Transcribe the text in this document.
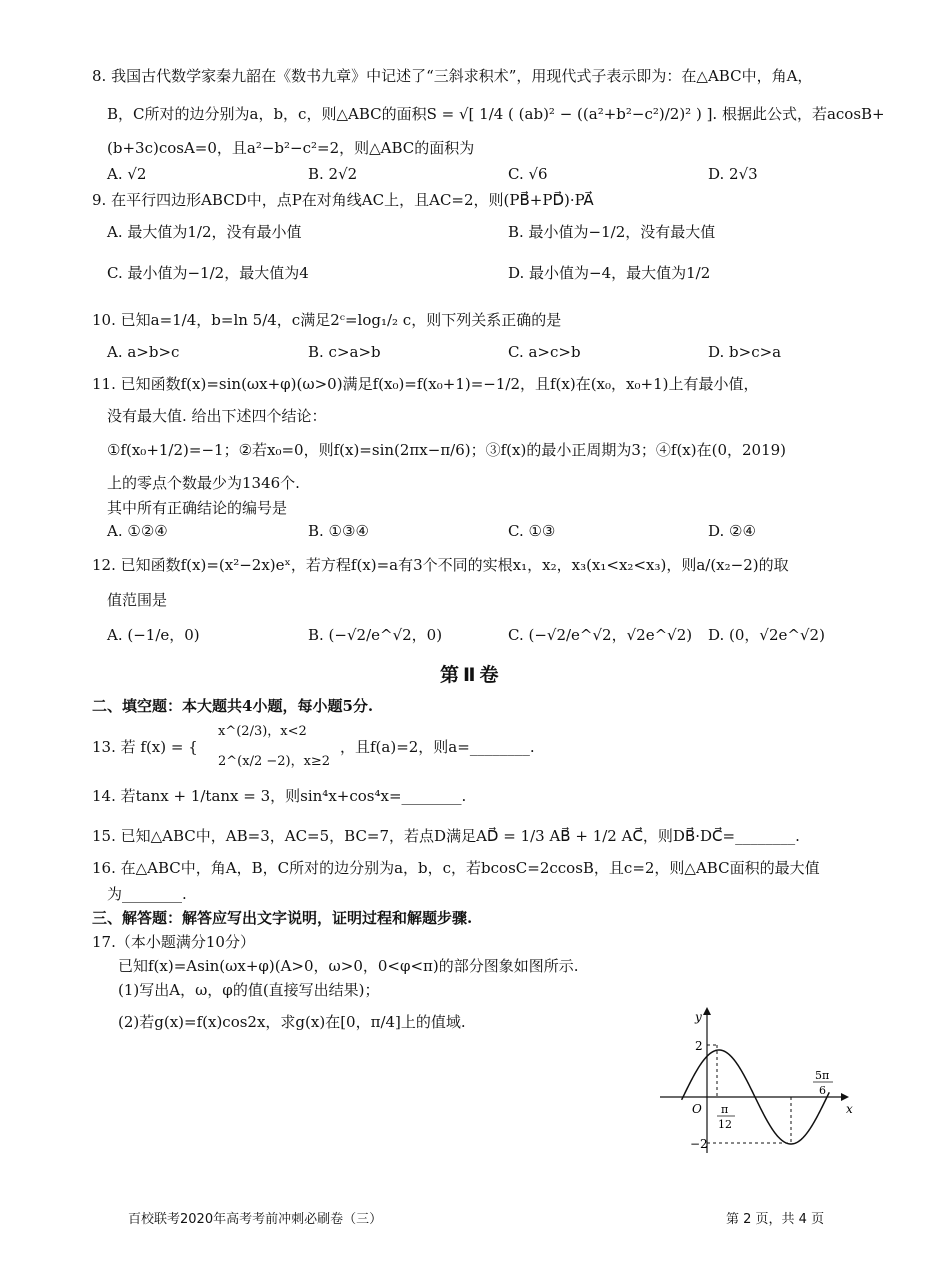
8. 我国古代数学家秦九韶在《数书九章》中记述了“三斜求积术”，用现代式子表示即为：在△ABC中，角A，
B，C所对的边分别为a，b，c，则△ABC的面积S = √[ 1/4 ( (ab)² − ((a²+b²−c²)/2)² ) ]. 根据此公式，若acosB+
(b+3c)cosA=0，且a²−b²−c²=2，则△ABC的面积为
A. √2	B. 2√2	C. √6	D. 2√3
9. 在平行四边形ABCD中，点P在对角线AC上，且AC=2，则(PB⃗+PD⃗)·PA⃗
A. 最大值为1/2，没有最小值	B. 最小值为−1/2，没有最大值
C. 最小值为−1/2，最大值为4	D. 最小值为−4，最大值为1/2
10. 已知a=1/4，b=ln 5/4，c满足2ᶜ=log₁/₂ c，则下列关系正确的是
A. a>b>c	B. c>a>b	C. a>c>b	D. b>c>a
11. 已知函数f(x)=sin(ωx+φ)(ω>0)满足f(x₀)=f(x₀+1)=−1/2，且f(x)在(x₀，x₀+1)上有最小值，
没有最大值. 给出下述四个结论：
①f(x₀+1/2)=−1；②若x₀=0，则f(x)=sin(2πx−π/6)；③f(x)的最小正周期为3；④f(x)在(0，2019)
上的零点个数最少为1346个.
其中所有正确结论的编号是
A. ①②④	B. ①③④	C. ①③	D. ②④
12. 已知函数f(x)=(x²−2x)eˣ，若方程f(x)=a有3个不同的实根x₁，x₂，x₃(x₁<x₂<x₃)，则a/(x₂−2)的取
值范围是
A. (−1/e，0)	B. (−√2/e^√2，0)	C. (−√2/e^√2，√2e^√2) D. (0，√2e^√2)
第Ⅱ卷
二、填空题：本大题共4小题，每小题5分.
13. 若 f(x) = {
x^(2/3)，x<2
2^(x/2 −2)，x≥2
，且f(a)=2，则a=________.
14. 若tanx + 1/tanx = 3，则sin⁴x+cos⁴x=________.
15. 已知△ABC中，AB=3，AC=5，BC=7，若点D满足AD⃗ = 1/3 AB⃗ + 1/2 AC⃗，则DB⃗·DC⃗=________.
16. 在△ABC中，角A，B，C所对的边分别为a，b，c，若bcosC=2ccosB，且c=2，则△ABC面积的最大值
为________.
三、解答题：解答应写出文字说明，证明过程和解题步骤.
17.（本小题满分10分）
已知f(x)=Asin(ωx+φ)(A>0，ω>0，0<φ<π)的部分图象如图所示.
(1)写出A，ω，φ的值(直接写出结果)；
(2)若g(x)=f(x)cos2x，求g(x)在[0，π/4]上的值域.	y
x
O
2
−2
π
12
5π
6
百校联考2020年高考考前冲刺必刷卷（三）	第 2 页，共 4 页
